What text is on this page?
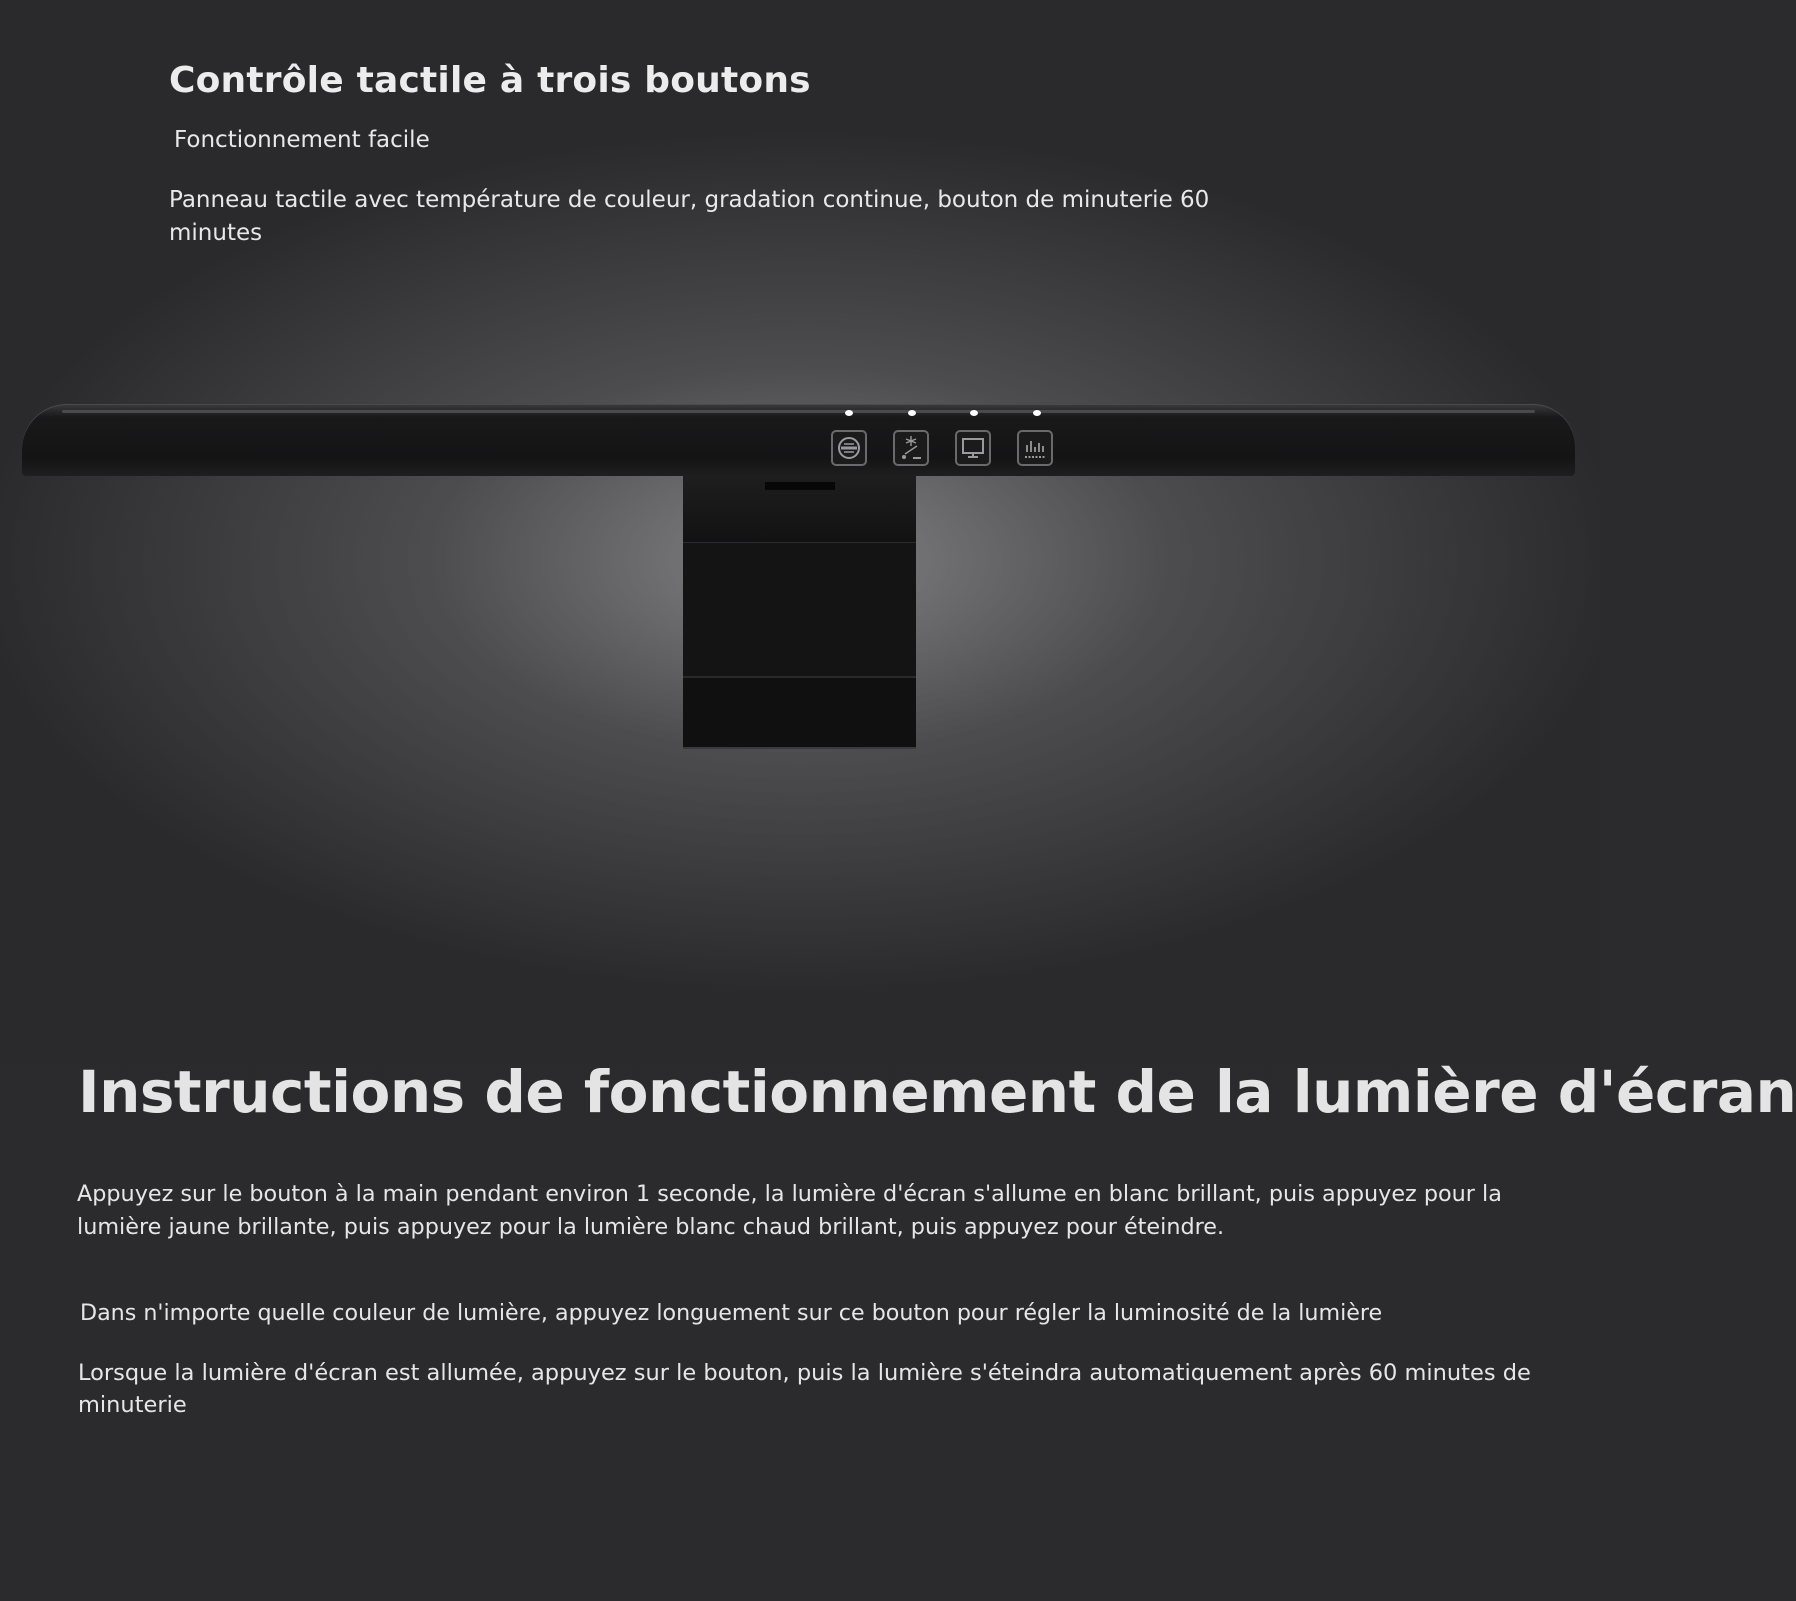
Contrôle tactile à trois boutons
Fonctionnement facile

Panneau tactile avec température de couleur, gradation continue, bouton de minuterie 60 minutes

Instructions de fonctionnement de la lumière d'écran

Appuyez sur le bouton à la main pendant environ 1 seconde, la lumière d'écran s'allume en blanc brillant, puis appuyez pour la lumière jaune brillante, puis appuyez pour la lumière blanc chaud brillant, puis appuyez pour éteindre.

Dans n'importe quelle couleur de lumière, appuyez longuement sur ce bouton pour régler la luminosité de la lumière

Lorsque la lumière d'écran est allumée, appuyez sur le bouton, puis la lumière s'éteindra automatiquement après 60 minutes de minuterie
